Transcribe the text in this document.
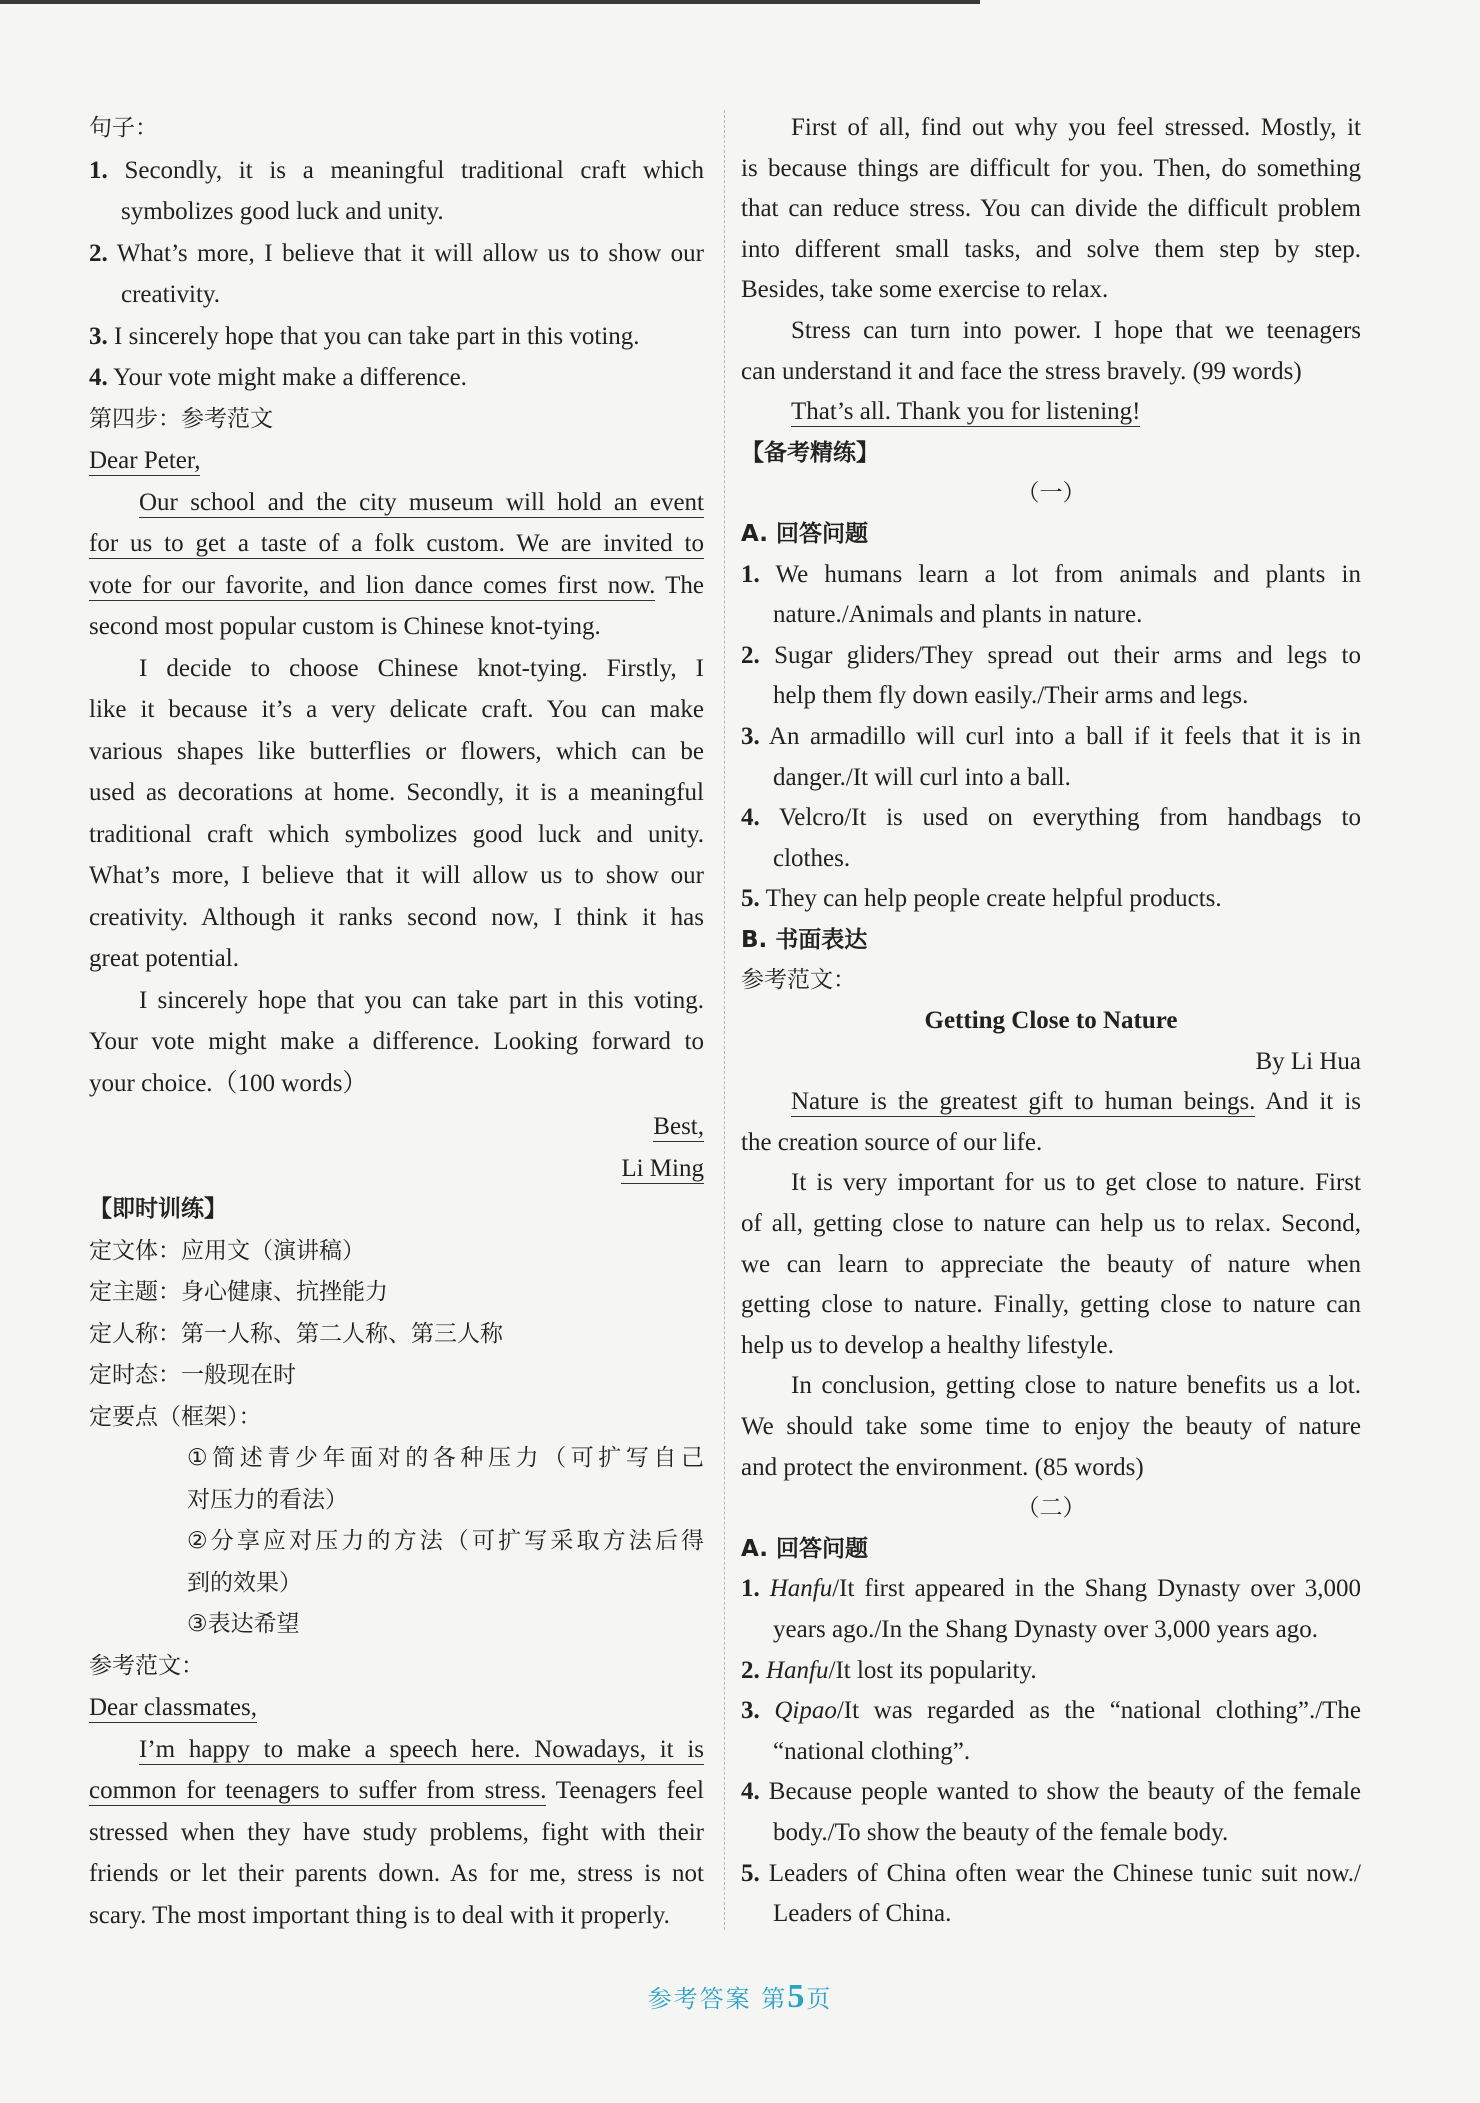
句子：
1. Secondly, it is a meaningful traditional craft which
symbolizes good luck and unity.
2. What’s more, I believe that it will allow us to show our
creativity.
3. I sincerely hope that you can take part in this voting.
4. Your vote might make a difference.
第四步：参考范文
Dear Peter,
Our school and the city museum will hold an event
for us to get a taste of a folk custom. We are invited to
vote for our favorite, and lion dance comes first now. The
second most popular custom is Chinese knot-tying.
I decide to choose Chinese knot-tying. Firstly, I
like it because it’s a very delicate craft. You can make
various shapes like butterflies or flowers, which can be
used as decorations at home. Secondly, it is a meaningful
traditional craft which symbolizes good luck and unity.
What’s more, I believe that it will allow us to show our
creativity. Although it ranks second now, I think it has
great potential.
I sincerely hope that you can take part in this voting.
Your vote might make a difference. Looking forward to
your choice.（100 words）
Best,
Li Ming
【即时训练】
定文体：应用文（演讲稿）
定主题：身心健康、抗挫能力
定人称：第一人称、第二人称、第三人称
定时态：一般现在时
定要点（框架）：
①简述青少年面对的各种压力（可扩写自己
对压力的看法）
②分享应对压力的方法（可扩写采取方法后得
到的效果）
③表达希望
参考范文：
Dear classmates,
I’m happy to make a speech here. Nowadays, it is
common for teenagers to suffer from stress. Teenagers feel
stressed when they have study problems, fight with their
friends or let their parents down. As for me, stress is not
scary. The most important thing is to deal with it properly.
First of all, find out why you feel stressed. Mostly, it
is because things are difficult for you. Then, do something
that can reduce stress. You can divide the difficult problem
into different small tasks, and solve them step by step.
Besides, take some exercise to relax.
Stress can turn into power. I hope that we teenagers
can understand it and face the stress bravely. (99 words)
That’s all. Thank you for listening!
【备考精练】
（一）
A. 回答问题
1. We humans learn a lot from animals and plants in
nature./Animals and plants in nature.
2. Sugar gliders/They spread out their arms and legs to
help them fly down easily./Their arms and legs.
3. An armadillo will curl into a ball if it feels that it is in
danger./It will curl into a ball.
4. Velcro/It is used on everything from handbags to
clothes.
5. They can help people create helpful products.
B. 书面表达
参考范文：
Getting Close to Nature
By Li Hua
Nature is the greatest gift to human beings. And it is
the creation source of our life.
It is very important for us to get close to nature. First
of all, getting close to nature can help us to relax. Second,
we can learn to appreciate the beauty of nature when
getting close to nature. Finally, getting close to nature can
help us to develop a healthy lifestyle.
In conclusion, getting close to nature benefits us a lot.
We should take some time to enjoy the beauty of nature
and protect the environment. (85 words)
（二）
A. 回答问题
1. Hanfu/It first appeared in the Shang Dynasty over 3,000
years ago./In the Shang Dynasty over 3,000 years ago.
2. Hanfu/It lost its popularity.
3. Qipao/It was regarded as the “national clothing”./The
“national clothing”.
4. Because people wanted to show the beauty of the female
body./To show the beauty of the female body.
5. Leaders of China often wear the Chinese tunic suit now./
Leaders of China.
参考答案 第5页
